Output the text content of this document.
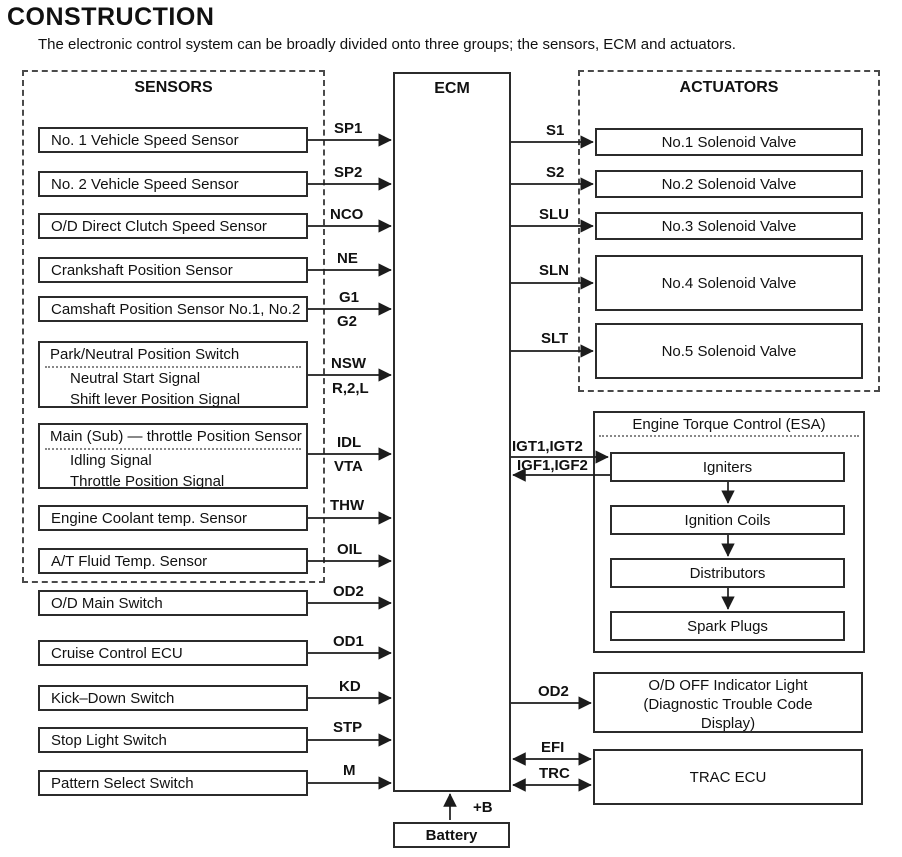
CONSTRUCTION
The electronic control system can be broadly divided onto three groups; the sensors, ECM and actuators.
SENSORS	ACTUATORS
ECM
No. 1 Vehicle Speed Sensor
No. 2 Vehicle Speed Sensor
O/D Direct Clutch Speed Sensor
Crankshaft Position Sensor
Camshaft Position Sensor No.1, No.2
Park/Neutral Position Switch
Neutral Start Signal
Shift lever Position Signal
Main (Sub) — throttle Position Sensor
Idling Signal
Throttle Position Signal
Engine Coolant temp. Sensor
A/T Fluid Temp. Sensor
O/D Main Switch
Cruise Control ECU
Kick–Down Switch
Stop Light Switch
Pattern Select Switch
SP1
SP2
NCO
NE
G1
G2
NSW
R,2,L
IDL
VTA
THW
OIL
OD2
OD1
KD
STP
M
No.1 Solenoid Valve
No.2 Solenoid Valve
No.3 Solenoid Valve
No.4 Solenoid Valve
No.5 Solenoid Valve
S1
S2
SLU
SLN
SLT
Engine Torque Control (ESA)
Igniters
Ignition Coils
Distributors
Spark Plugs
IGT1,IGT2
IGF1,IGF2
O/D OFF Indicator Light
(Diagnostic Trouble Code
Display)
OD2
TRAC ECU
EFI
TRC
Battery
+B
